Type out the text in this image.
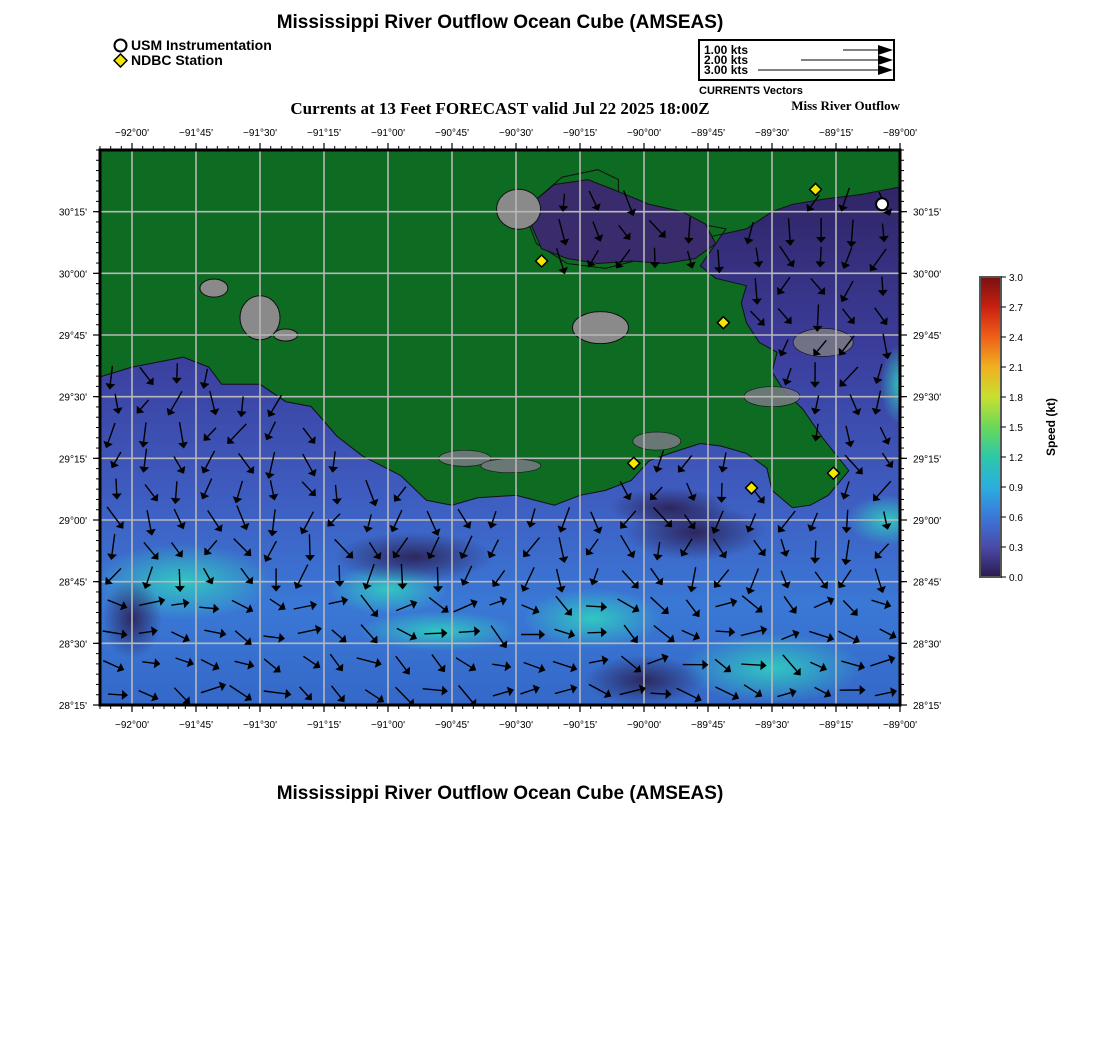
Mississippi River Outflow Ocean Cube (AMSEAS)
USM Instrumentation
NDBC Station
−92°00'
−92°00'
−91°45'
−91°45'
−91°30'
−91°30'
−91°15'
−91°15'
−91°00'
−91°00'
−90°45'
−90°45'
−90°30'
−90°30'
−90°15'
−90°15'
−90°00'
−90°00'
−89°45'
−89°45'
−89°30'
−89°30'
−89°15'
−89°15'
−89°00'
−89°00'
30°15'	30°15'
30°00'	30°00'
29°45'	29°45'
29°30'	29°30'
29°15'	29°15'
29°00'	29°00'
28°45'	28°45'
28°30'	28°30'
28°15'	28°15'
Currents at 13 Feet FORECAST valid Jul 22 2025 18:00Z	Miss River Outflow
1.00 kts
2.00 kts
3.00 kts
CURRENTS Vectors
3.0
2.7
2.4
2.1
1.8
1.5
1.2
0.9
0.6
0.3
0.0
Speed (kt)
Mississippi River Outflow Ocean Cube (AMSEAS)
